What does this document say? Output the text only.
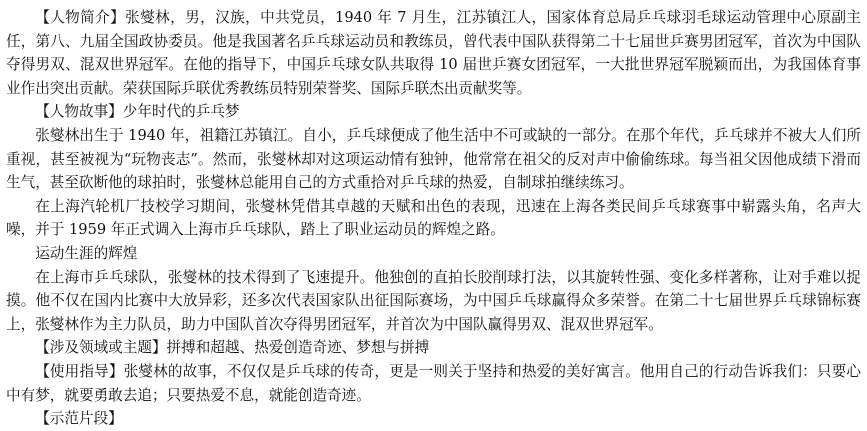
【人物简介】张燮林，男，汉族，中共党员，1940 年 7 月生，江苏镇江人，国家体育总局乒乓球羽毛球运动管理中心原副主任，第八、九届全国政协委员。他是我国著名乒乓球运动员和教练员，曾代表中国队获得第二十七届世乒赛男团冠军，首次为中国队夺得男双、混双世界冠军。在他的指导下，中国乒乓球女队共取得 10 届世乒赛女团冠军，一大批世界冠军脱颖而出，为我国体育事业作出突出贡献。荣获国际乒联优秀教练员特别荣誉奖、国际乒联杰出贡献奖等。

【人物故事】少年时代的乒乓梦

张燮林出生于 1940 年，祖籍江苏镇江。自小，乒乓球便成了他生活中不可或缺的一部分。在那个年代，乒乓球并不被大人们所重视，甚至被视为“玩物丧志”。然而，张燮林却对这项运动情有独钟，他常常在祖父的反对声中偷偷练球。每当祖父因他成绩下滑而生气，甚至砍断他的球拍时，张燮林总能用自己的方式重拾对乒乓球的热爱，自制球拍继续练习。

在上海汽轮机厂技校学习期间，张燮林凭借其卓越的天赋和出色的表现，迅速在上海各类民间乒乓球赛事中崭露头角，名声大噪，并于 1959 年正式调入上海市乒乓球队，踏上了职业运动员的辉煌之路。

运动生涯的辉煌

在上海市乒乓球队，张燮林的技术得到了飞速提升。他独创的直拍长胶削球打法，以其旋转性强、变化多样著称，让对手难以捉摸。他不仅在国内比赛中大放异彩，还多次代表国家队出征国际赛场，为中国乒乓球赢得众多荣誉。在第二十七届世界乒乓球锦标赛上，张燮林作为主力队员，助力中国队首次夺得男团冠军，并首次为中国队赢得男双、混双世界冠军。

【涉及领域或主题】拼搏和超越、热爱创造奇迹、梦想与拼搏

【使用指导】张燮林的故事，不仅仅是乒乓球的传奇，更是一则关于坚持和热爱的美好寓言。他用自己的行动告诉我们：只要心中有梦，就要勇敢去追；只要热爱不息，就能创造奇迹。

【示范片段】
